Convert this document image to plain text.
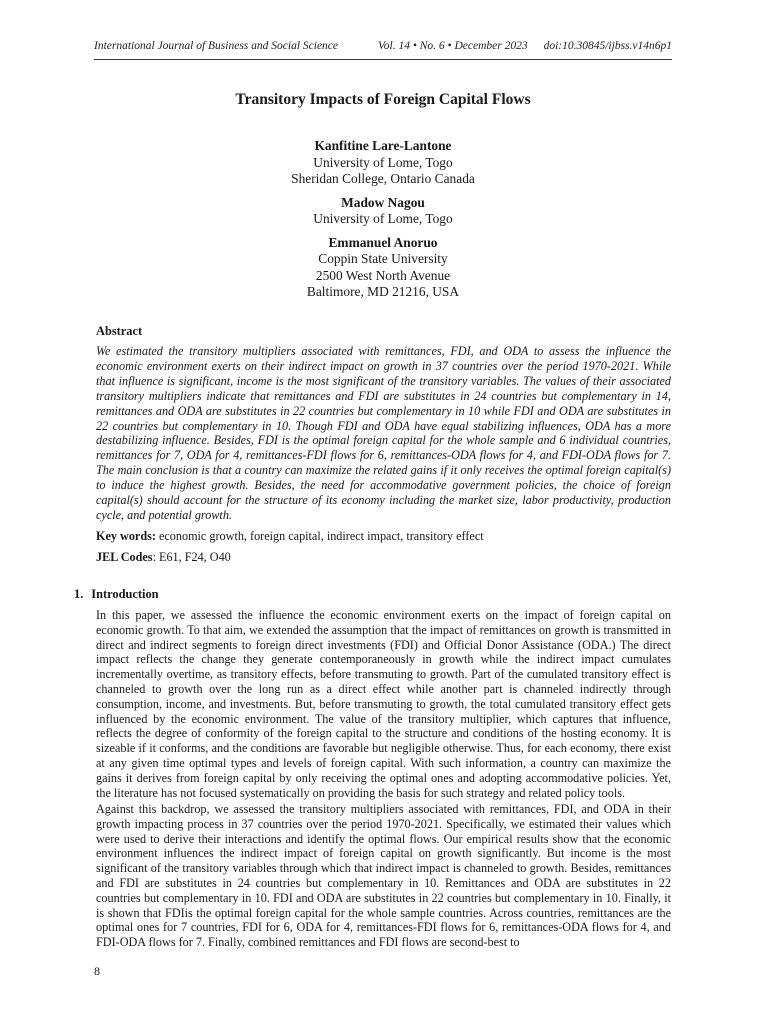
International Journal of Business and Social Science	Vol. 14 • No. 6 • December 2023 doi:10.30845/ijbss.v14n6p1
Transitory Impacts of Foreign Capital Flows
Kanfitine Lare-Lantone
University of Lome, Togo
Sheridan College, Ontario Canada
Madow Nagou
University of Lome, Togo
Emmanuel Anoruo
Coppin State University
2500 West North Avenue
Baltimore, MD 21216, USA
Abstract

We estimated the transitory multipliers associated with remittances, FDI, and ODA to assess the influence the economic environment exerts on their indirect impact on growth in 37 countries over the period 1970-2021. While that influence is significant, income is the most significant of the transitory variables. The values of their associated transitory multipliers indicate that remittances and FDI are substitutes in 24 countries but complementary in 14, remittances and ODA are substitutes in 22 countries but complementary in 10 while FDI and ODA are substitutes in 22 countries but complementary in 10. Though FDI and ODA have equal stabilizing influences, ODA has a more destabilizing influence. Besides, FDI is the optimal foreign capital for the whole sample and 6 individual countries, remittances for 7, ODA for 4, remittances-FDI flows for 6, remittances-ODA flows for 4, and FDI-ODA flows for 7. The main conclusion is that a country can maximize the related gains if it only receives the optimal foreign capital(s) to induce the highest growth. Besides, the need for accommodative government policies, the choice of foreign capital(s) should account for the structure of its economy including the market size, labor productivity, production cycle, and potential growth.

Key words: economic growth, foreign capital, indirect impact, transitory effect
JEL Codes: E61, F24, O40
1. Introduction

In this paper, we assessed the influence the economic environment exerts on the impact of foreign capital on economic growth. To that aim, we extended the assumption that the impact of remittances on growth is transmitted in direct and indirect segments to foreign direct investments (FDI) and Official Donor Assistance (ODA.) The direct impact reflects the change they generate contemporaneously in growth while the indirect impact cumulates incrementally overtime, as transitory effects, before transmuting to growth. Part of the cumulated transitory effect is channeled to growth over the long run as a direct effect while another part is channeled indirectly through consumption, income, and investments. But, before transmuting to growth, the total cumulated transitory effect gets influenced by the economic environment. The value of the transitory multiplier, which captures that influence, reflects the degree of conformity of the foreign capital to the structure and conditions of the hosting economy. It is sizeable if it conforms, and the conditions are favorable but negligible otherwise. Thus, for each economy, there exist at any given time optimal types and levels of foreign capital. With such information, a country can maximize the gains it derives from foreign capital by only receiving the optimal ones and adopting accommodative policies. Yet, the literature has not focused systematically on providing the basis for such strategy and related policy tools.

Against this backdrop, we assessed the transitory multipliers associated with remittances, FDI, and ODA in their growth impacting process in 37 countries over the period 1970-2021. Specifically, we estimated their values which were used to derive their interactions and identify the optimal flows. Our empirical results show that the economic environment influences the indirect impact of foreign capital on growth significantly. But income is the most significant of the transitory variables through which that indirect impact is channeled to growth. Besides, remittances and FDI are substitutes in 24 countries but complementary in 10. Remittances and ODA are substitutes in 22 countries but complementary in 10. FDI and ODA are substitutes in 22 countries but complementary in 10. Finally, it is shown that FDIis the optimal foreign capital for the whole sample countries. Across countries, remittances are the optimal ones for 7 countries, FDI for 6, ODA for 4, remittances-FDI flows for 6, remittances-ODA flows for 4, and FDI-ODA flows for 7. Finally, combined remittances and FDI flows are second-best to

8
